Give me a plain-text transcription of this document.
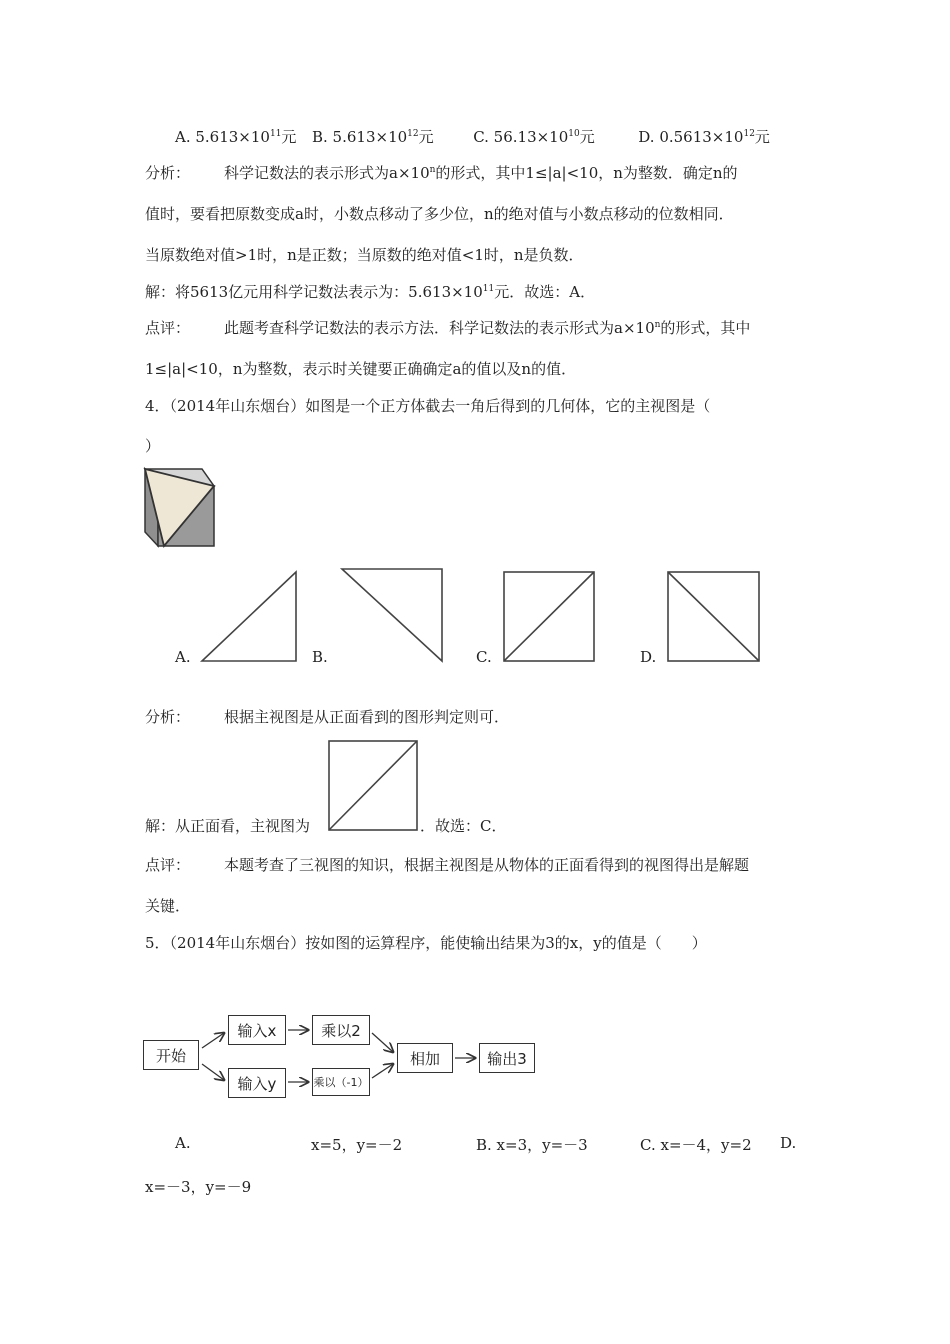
A. $5.613\times 10^{11}$元 B. $5.613\times 10^{12}$元	C. $56.13\times 10^{10}$元	D. $0.5613\times 10^{12}$元
分析： 科学记数法的表示形式为$a\times 10^n$的形式，其中1≤|a|<10，n为整数．确定n的
值时，要看把原数变成a时，小数点移动了多少位，n的绝对值与小数点移动的位数相同．
当原数绝对值>1时，n是正数；当原数的绝对值<1时，n是负数．
解：将5613亿元用科学记数法表示为：$5.613\times 10^{11}$元．故选：A．
点评： 此题考查科学记数法的表示方法．科学记数法的表示形式为$a\times 10^n$的形式，其中
1≤|a|<10，n为整数，表示时关键要正确确定a的值以及n的值．
4．（2014年山东烟台）如图是一个正方体截去一角后得到的几何体，它的主视图是（
）
A.	B.	C.	D.
分析： 根据主视图是从正面看到的图形判定则可．
解：从正面看，主视图为	．故选：C．
点评： 本题考查了三视图的知识，根据主视图是从物体的正面看得到的视图得出是解题
关键．
5．（2014年山东烟台）按如图的运算程序，能使输出结果为3的x，y的值是（　　）
开始
输入x
输入y
乘以2
乘以（-1）
相加	输出3
A.	x=5，y=－2	B. x=3，y=－3	C. x=－4，y=2 D.
x=－3，y=－9
